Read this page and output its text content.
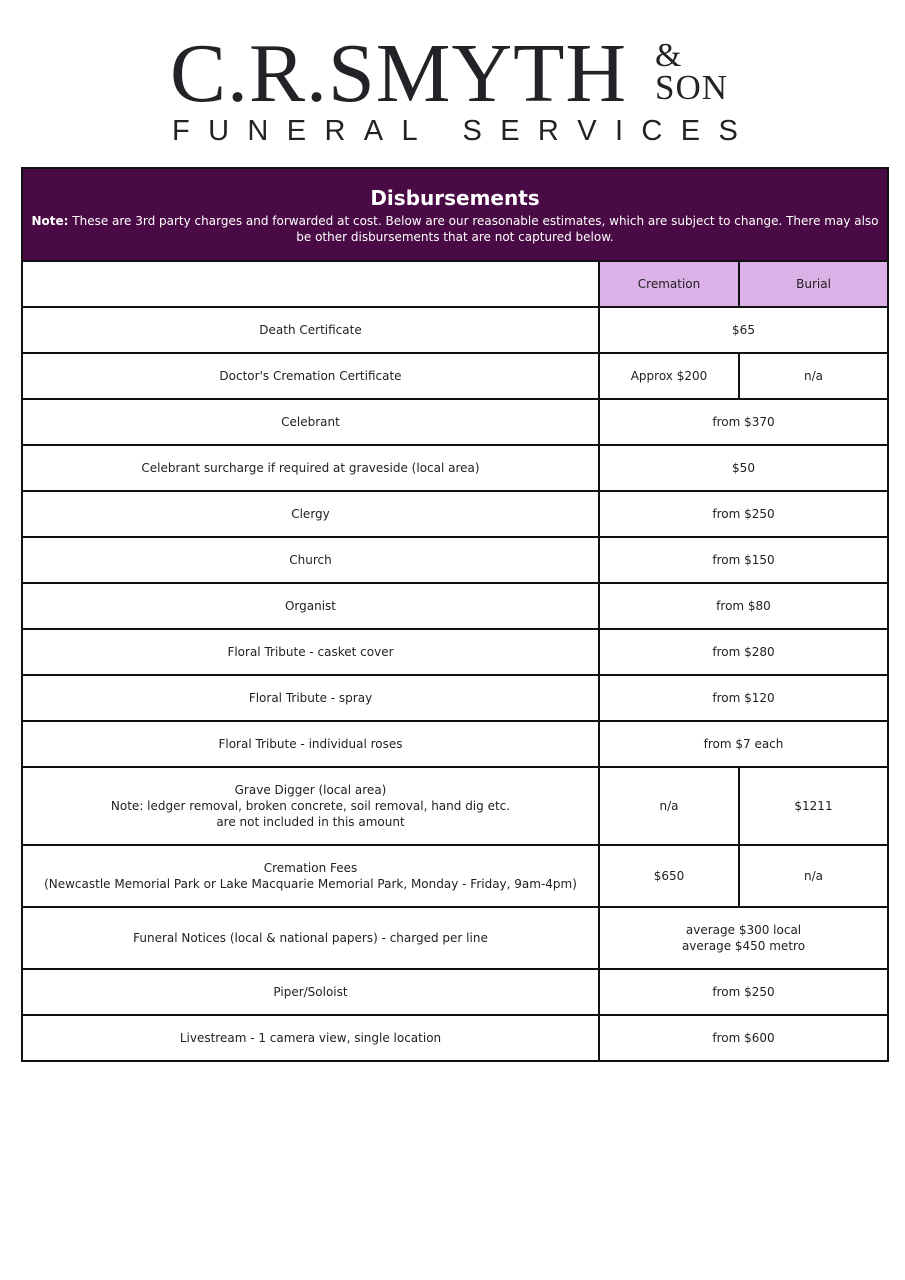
C.R.SMYTH &
SON
F U N E R A L
S E R V I C E S
Disbursements
Note: These are 3rd party charges and forwarded at cost. Below are our reasonable estimates, which are subject to change. There may also be other disbursements that are not captured below.		

	Cremation	Burial
Death Certificate	$65	
Doctor's Cremation Certificate	Approx $200	n/a
Celebrant	from $370	
Celebrant surcharge if required at graveside (local area)	$50	
Clergy	from $250	
Church	from $150	
Organist	from $80	
Floral Tribute - casket cover	from $280	
Floral Tribute - spray	from $120	
Floral Tribute - individual roses	from $7 each	

Grave Digger (local area)
Note: ledger removal, broken concrete, soil removal, hand dig etc.
are not included in this amount	n/a	$1211

Cremation Fees
(Newcastle Memorial Park or Lake Macquarie Memorial Park, Monday - Friday, 9am-4pm)	$650	n/a
Funeral Notices (local & national papers) - charged per line	average $300 local
average $450 metro	

Piper/Soloist	from $250	
Livestream - 1 camera view, single location	from $600	
